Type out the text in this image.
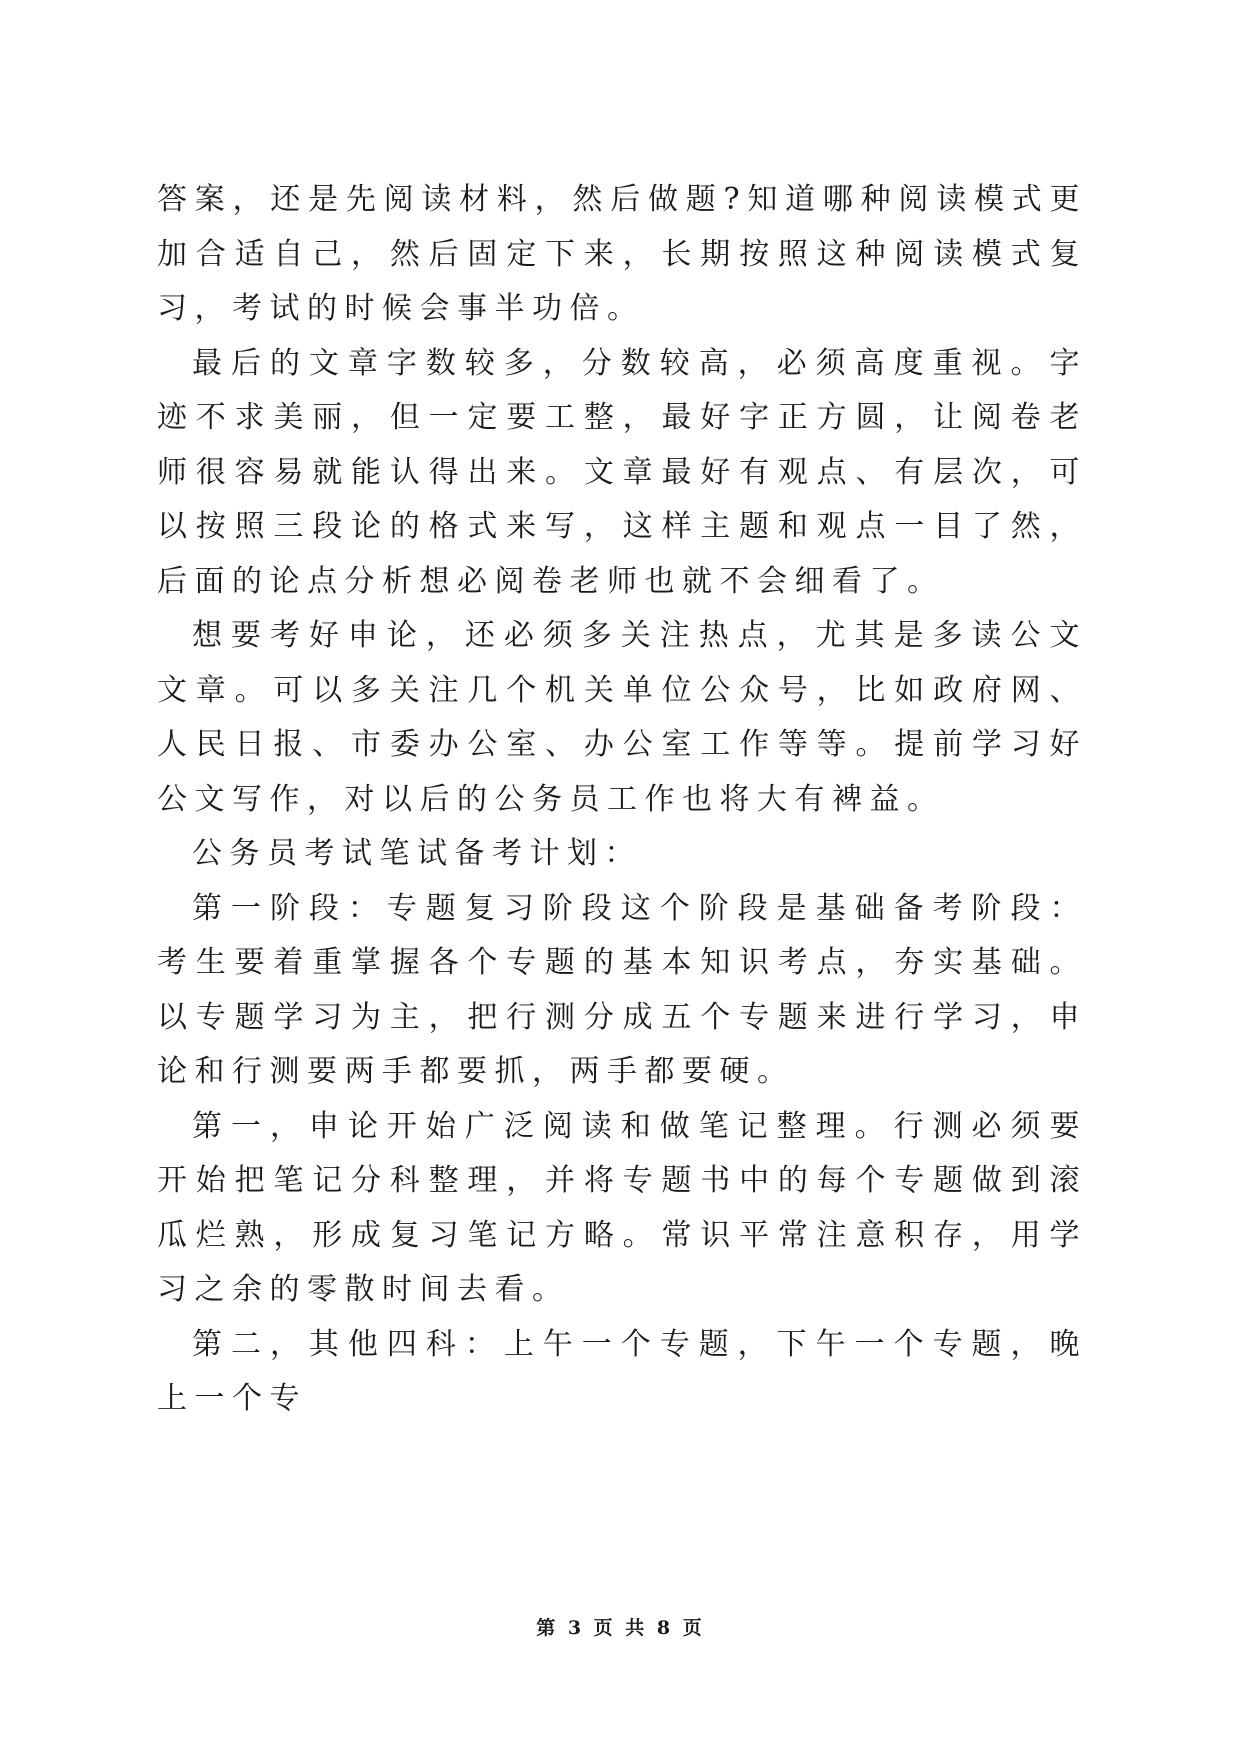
答案，还是先阅读材料，然后做题?知道哪种阅读模式更加合适自己，然后固定下来，长期按照这种阅读模式复习，考试的时候会事半功倍。

最后的文章字数较多，分数较高，必须高度重视。字迹不求美丽，但一定要工整，最好字正方圆，让阅卷老师很容易就能认得出来。文章最好有观点、有层次，可以按照三段论的格式来写，这样主题和观点一目了然，后面的论点分析想必阅卷老师也就不会细看了。

想要考好申论，还必须多关注热点，尤其是多读公文文章。可以多关注几个机关单位公众号，比如政府网、人民日报、市委办公室、办公室工作等等。提前学习好公文写作，对以后的公务员工作也将大有裨益。

公务员考试笔试备考计划：

第一阶段：专题复习阶段这个阶段是基础备考阶段：考生要着重掌握各个专题的基本知识考点，夯实基础。以专题学习为主，把行测分成五个专题来进行学习，申论和行测要两手都要抓，两手都要硬。

第一，申论开始广泛阅读和做笔记整理。行测必须要开始把笔记分科整理，并将专题书中的每个专题做到滚瓜烂熟，形成复习笔记方略。常识平常注意积存，用学习之余的零散时间去看。

第二，其他四科：上午一个专题，下午一个专题，晚上一个专

第 3 页 共 8 页
